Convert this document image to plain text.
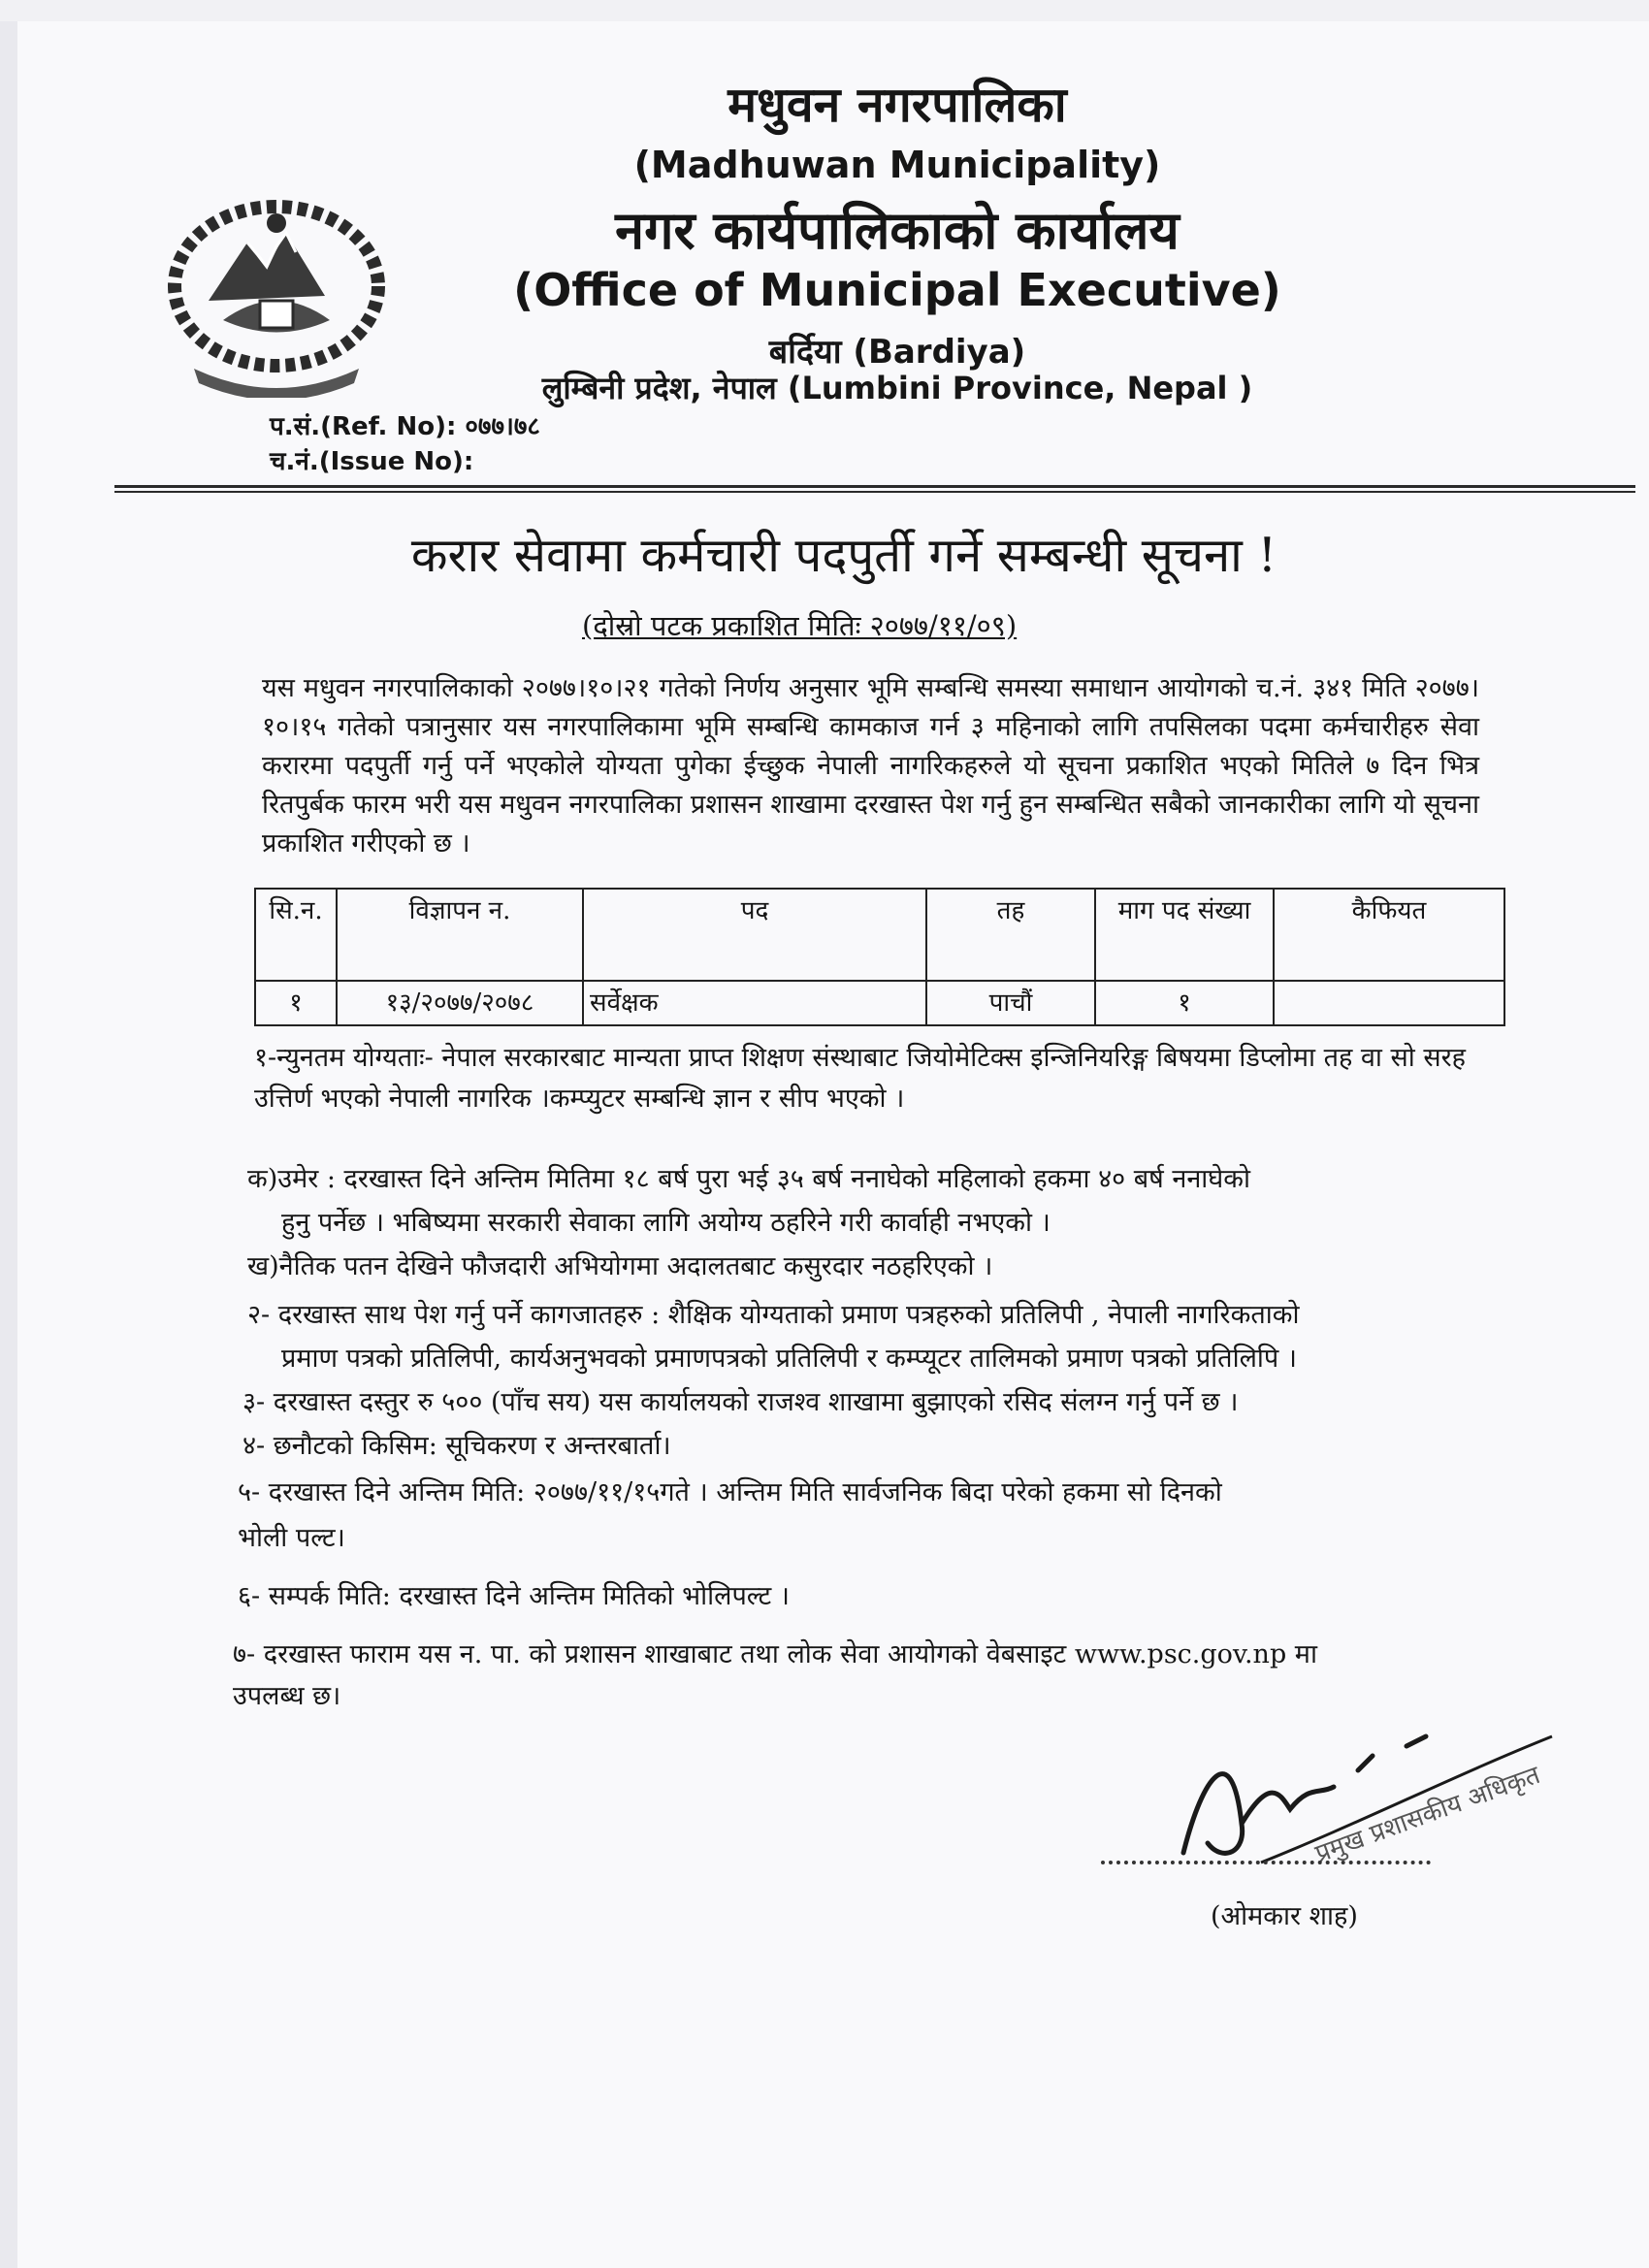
मधुवन नगरपालिका
(Madhuwan Municipality)
नगर कार्यपालिकाको कार्यालय
(Office of Municipal Executive)
बर्दिया (Bardiya)
लुम्बिनी प्रदेश, नेपाल (Lumbini Province, Nepal )
प.सं.(Ref. No): ०७७।७८
च.नं.(Issue No):
करार सेवामा कर्मचारी पदपुर्ती गर्ने सम्बन्धी सूचना !
(दोस्रो पटक प्रकाशित मितिः २०७७/११/०९)
यस मधुवन नगरपालिकाको २०७७।१०।२१ गतेको निर्णय अनुसार भूमि सम्बन्धि समस्या समाधान आयोगको च.नं. ३४१ मिति २०७७।१०।१५ गतेको पत्रानुसार यस नगरपालिकामा भूमि सम्बन्धि कामकाज गर्न ३ महिनाको लागि तपसिलका पदमा कर्मचारीहरु सेवा करारमा पदपुर्ती गर्नु पर्ने भएकोले योग्यता पुगेका ईच्छुक नेपाली नागरिकहरुले यो सूचना प्रकाशित भएको मितिले ७ दिन भित्र रितपुर्बक फारम भरी यस मधुवन नगरपालिका प्रशासन शाखामा दरखास्त पेश गर्नु हुन सम्बन्धित सबैको जानकारीका लागि यो सूचना प्रकाशित गरीएको छ ।
सि.न.	विज्ञापन न.	पद	तह	माग पद संख्या	कैफियत
१	१३/२०७७/२०७८	सर्वेक्षक	पाचौं	१	
१-न्युनतम योग्यताः- नेपाल सरकारबाट मान्यता प्राप्त शिक्षण संस्थाबाट जियोमेटिक्स इन्जिनियरिङ्ग बिषयमा डिप्लोमा तह वा सो सरह उत्तिर्ण भएको नेपाली नागरिक ।कम्प्युटर सम्बन्धि ज्ञान र सीप भएको ।
क)उमेर : दरखास्त दिने अन्तिम मितिमा १८ बर्ष पुरा भई ३५ बर्ष ननाघेको महिलाको हकमा ४० बर्ष ननाघेको
हुनु पर्नेछ । भबिष्यमा सरकारी सेवाका लागि अयोग्य ठहरिने गरी कार्वाही नभएको ।
ख)नैतिक पतन देखिने फौजदारी अभियोगमा अदालतबाट कसुरदार नठहरिएको ।
२- दरखास्त साथ पेश गर्नु पर्ने कागजातहरु : शैक्षिक योग्यताको प्रमाण पत्रहरुको प्रतिलिपी , नेपाली नागरिकताको
प्रमाण पत्रको प्रतिलिपी, कार्यअनुभवको प्रमाणपत्रको प्रतिलिपी र कम्प्यूटर तालिमको प्रमाण पत्रको प्रतिलिपि ।
३- दरखास्त दस्तुर रु ५०० (पाँच सय) यस कार्यालयको राजश्व शाखामा बुझाएको रसिद संलग्न गर्नु पर्ने छ ।
४- छनौटको किसिम: सूचिकरण र अन्तरबार्ता।
५- दरखास्त दिने अन्तिम मिति: २०७७/११/१५गते । अन्तिम मिति सार्वजनिक बिदा परेको हकमा सो दिनको
भोली पल्ट।
६- सम्पर्क मिति: दरखास्त दिने अन्तिम मितिको भोलिपल्ट ।
७- दरखास्त फाराम यस न. पा. को प्रशासन शाखाबाट तथा लोक सेवा आयोगको वेबसाइट www.psc.gov.np मा
उपलब्ध छ।
प्रमुख प्रशासकीय अधिकृत
(ओमकार शाह)
